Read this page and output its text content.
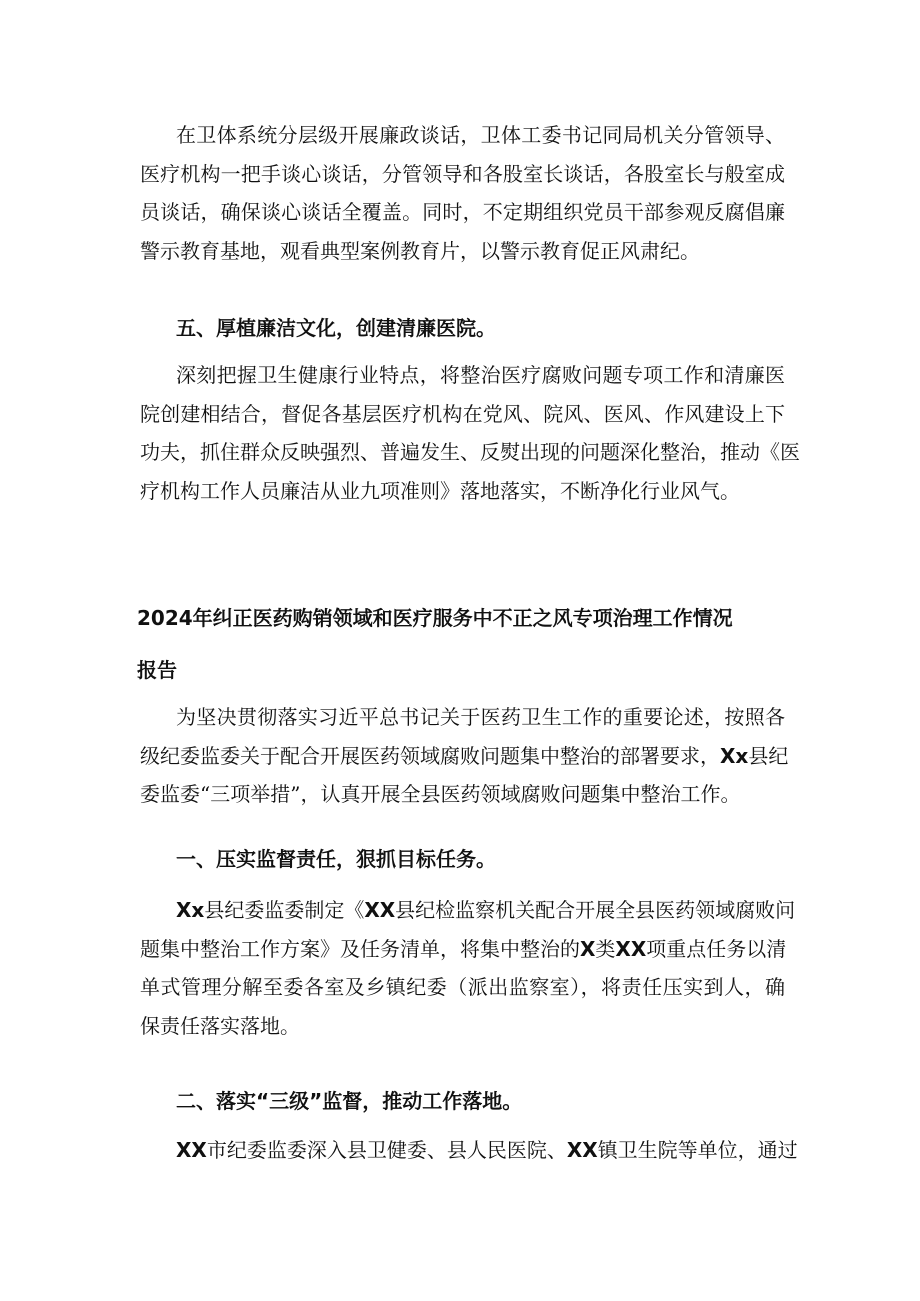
在卫体系统分层级开展廉政谈话，卫体工委书记同局机关分管领导、
医疗机构一把手谈心谈话，分管领导和各股室长谈话，各股室长与般室成
员谈话，确保谈心谈话全覆盖。同时，不定期组织党员干部参观反腐倡廉
警示教育基地，观看典型案例教育片，以警示教育促正风肃纪。
五、厚植廉洁文化，创建清廉医院。
深刻把握卫生健康行业特点，将整治医疗腐败问题专项工作和清廉医
院创建相结合，督促各基层医疗机构在党风、院风、医风、作风建设上下
功夫，抓住群众反映强烈、普遍发生、反熨出现的问题深化整治，推动《医
疗机构工作人员廉洁从业九项准则》落地落实，不断净化行业风气。
2024年纠正医药购销领域和医疗服务中不正之风专项治理工作情况
报告
为坚决贯彻落实习近平总书记关于医药卫生工作的重要论述，按照各
级纪委监委关于配合开展医药领域腐败问题集中整治的部署要求，Xx县纪
委监委“三项举措”，认真开展全县医药领域腐败问题集中整治工作。
一、压实监督责任，狠抓目标任务。
Xx县纪委监委制定《XX县纪检监察机关配合开展全县医药领域腐败问
题集中整治工作方案》及任务清单，将集中整治的X类XX项重点任务以清
单式管理分解至委各室及乡镇纪委（派出监察室），将责任压实到人，确
保责任落实落地。
二、落实“三级”监督，推动工作落地。
XX市纪委监委深入县卫健委、县人民医院、XX镇卫生院等单位，通过
